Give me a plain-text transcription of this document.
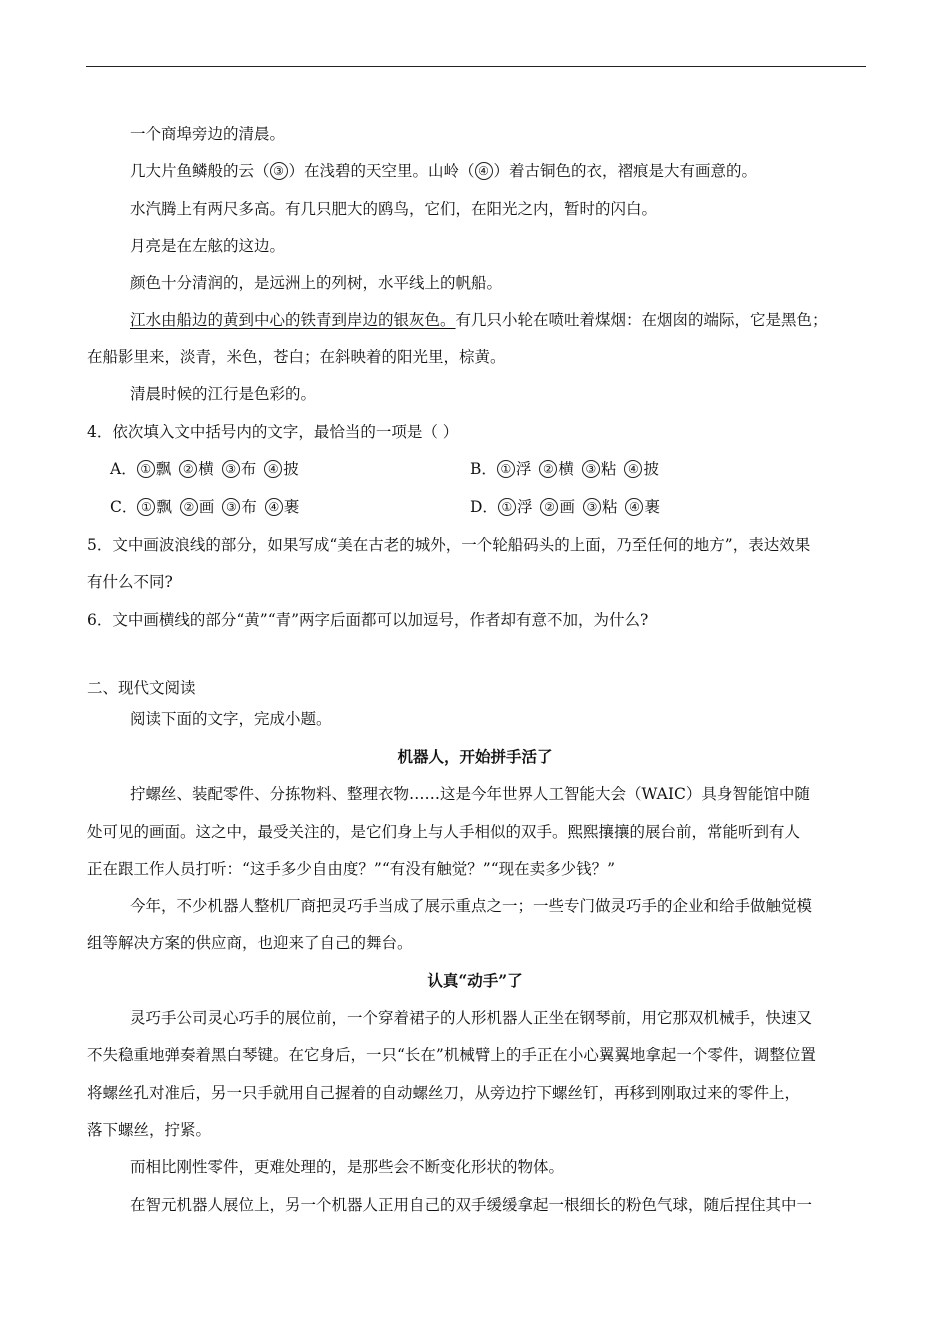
一个商埠旁边的清晨。
几大片鱼鳞般的云（ ③ ）在浅碧的天空里。山岭（ ④ ）着古铜色的衣，褶痕是大有画意的。
水汽腾上有两尺多高。有几只肥大的鸥鸟，它们，在阳光之内，暂时的闪白。
月亮是在左舷的这边。
颜色十分清润的，是远洲上的列树，水平线上的帆船。
江水由船边的黄到中心的铁青到岸边的银灰色。有几只小轮在喷吐着煤烟：在烟囱的端际，它是黑色；
在船影里来，淡青，米色，苍白；在斜映着的阳光里，棕黄。
清晨时候的江行是色彩的。
4．依次填入文中括号内的文字，最恰当的一项是（ ）
A． ① 飘 ② 横 ③ 布 ④ 披	B． ① 浮 ② 横 ③ 粘 ④ 披
C． ① 飘 ② 画 ③ 布 ④ 裹	D． ① 浮 ② 画 ③ 粘 ④ 裹
5．文中画波浪线的部分，如果写成“美在古老的城外，一个轮船码头的上面，乃至任何的地方”，表达效果
有什么不同?
6．文中画横线的部分“黄”“青”两字后面都可以加逗号，作者却有意不加，为什么?
二、现代文阅读
阅读下面的文字，完成小题。
机器人，开始拼手活了
拧螺丝、装配零件、分拣物料、整理衣物……这是今年世界人工智能大会（WAIC）具身智能馆中随
处可见的画面。这之中，最受关注的，是它们身上与人手相似的双手。熙熙攘攘的展台前，常能听到有人
正在跟工作人员打听：“这手多少自由度？”“有没有触觉？”“现在卖多少钱？”
今年，不少机器人整机厂商把灵巧手当成了展示重点之一；一些专门做灵巧手的企业和给手做触觉模
组等解决方案的供应商，也迎来了自己的舞台。
认真“动手”了
灵巧手公司灵心巧手的展位前，一个穿着裙子的人形机器人正坐在钢琴前，用它那双机械手，快速又
不失稳重地弹奏着黑白琴键。在它身后，一只“长在”机械臂上的手正在小心翼翼地拿起一个零件，调整位置
将螺丝孔对准后，另一只手就用自己握着的自动螺丝刀，从旁边拧下螺丝钉，再移到刚取过来的零件上，
落下螺丝，拧紧。
而相比刚性零件，更难处理的，是那些会不断变化形状的物体。
在智元机器人展位上，另一个机器人正用自己的双手缓缓拿起一根细长的粉色气球，随后捏住其中一
